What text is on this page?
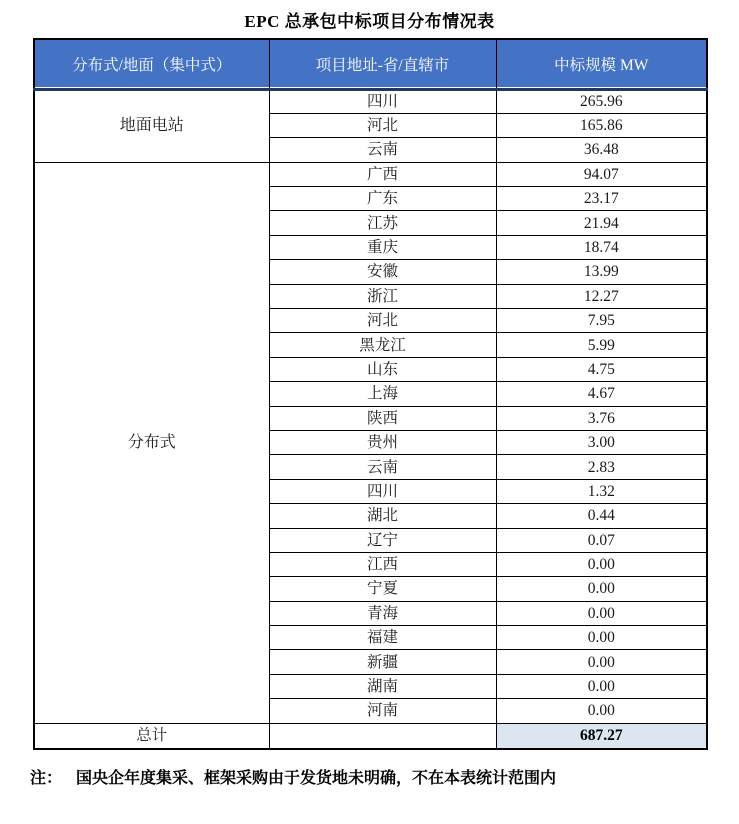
EPC 总承包中标项目分布情况表
分布式/地面（集中式）	项目地址-省/直辖市	中标规模 MW
地面电站	四川	265.96
	河北	165.86
	云南	36.48
分布式	广西	94.07
	广东	23.17
	江苏	21.94
	重庆	18.74
	安徽	13.99
	浙江	12.27
	河北	7.95
	黑龙江	5.99
	山东	4.75
	上海	4.67
	陕西	3.76
	贵州	3.00
	云南	2.83
	四川	1.32
	湖北	0.44
	辽宁	0.07
	江西	0.00
	宁夏	0.00
	青海	0.00
	福建	0.00
	新疆	0.00
	湖南	0.00
	河南	0.00
总计		687.27
注： 国央企年度集采、框架采购由于发货地未明确，不在本表统计范围内
